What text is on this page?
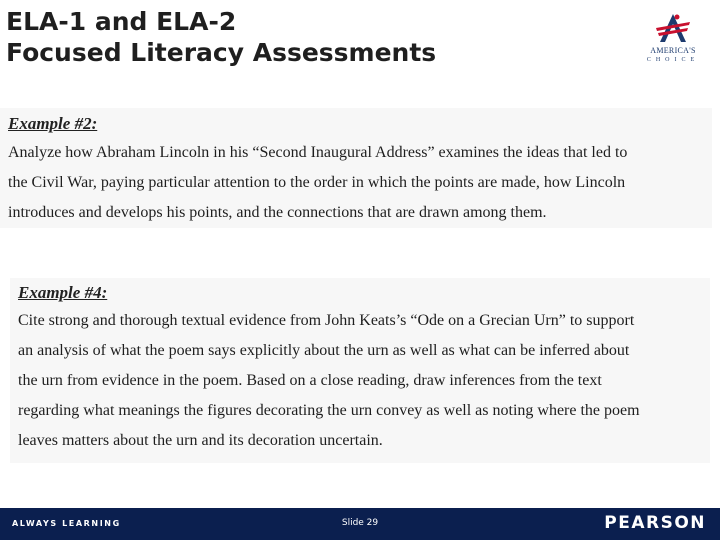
ELA-1 and ELA-2
Focused Literacy Assessments	AMERICA'S
CHOICE
Example #2:
Analyze how Abraham Lincoln in his “Second Inaugural Address” examines the ideas that led to
the Civil War, paying particular attention to the order in which the points are made, how Lincoln
introduces and develops his points, and the connections that are drawn among them.
Example #4:
Cite strong and thorough textual evidence from John Keats’s “Ode on a Grecian Urn” to support
an analysis of what the poem says explicitly about the urn as well as what can be inferred about
the urn from evidence in the poem. Based on a close reading, draw inferences from the text
regarding what meanings the figures decorating the urn convey as well as noting where the poem
leaves matters about the urn and its decoration uncertain.
ALWAYS LEARNING	Slide 29	PEARSON
